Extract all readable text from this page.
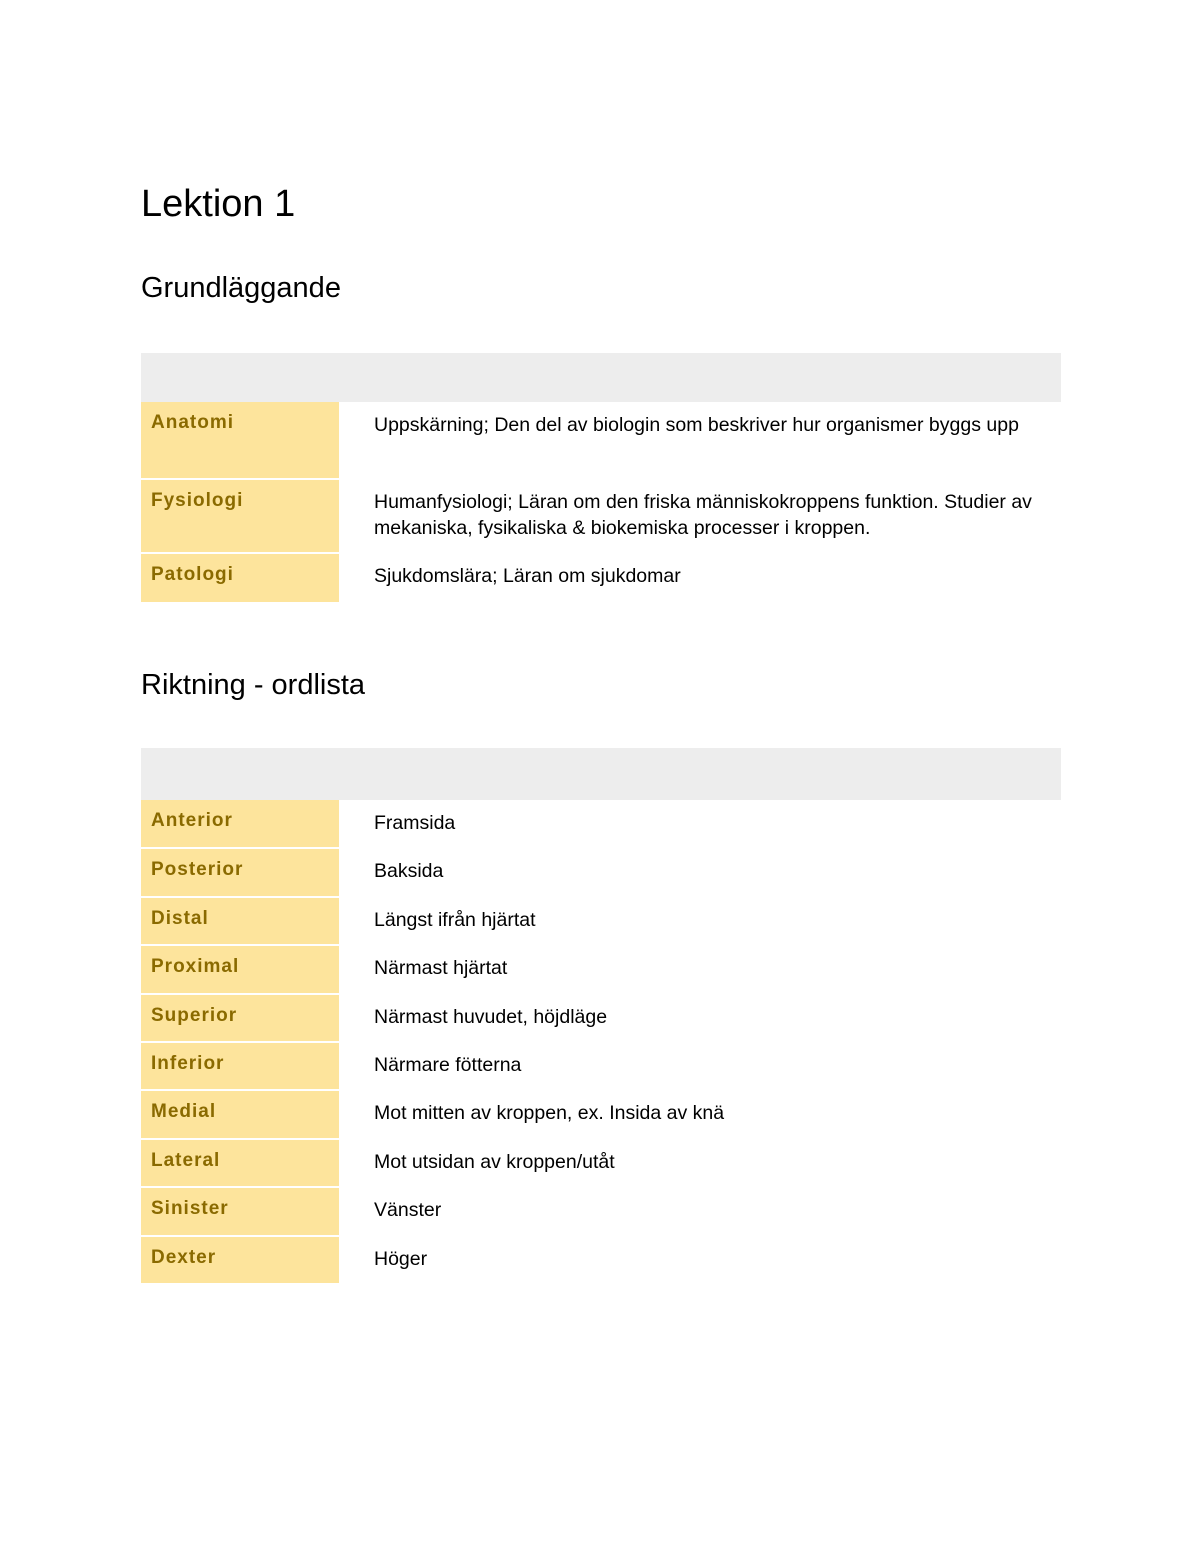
Lektion 1
Grundläggande

Anatomi	Uppskärning; Den del av biologin som beskriver hur organismer byggs upp
Fysiologi	Humanfysiologi; Läran om den friska människokroppens funktion. Studier av mekaniska, fysikaliska & biokemiska processer i kroppen.
Patologi	Sjukdomslära; Läran om sjukdomar
Riktning - ordlista

Anterior	Framsida
Posterior	Baksida
Distal	Längst ifrån hjärtat
Proximal	Närmast hjärtat
Superior	Närmast huvudet, höjdläge
Inferior	Närmare fötterna
Medial	Mot mitten av kroppen, ex. Insida av knä
Lateral	Mot utsidan av kroppen/utåt
Sinister	Vänster
Dexter	Höger
